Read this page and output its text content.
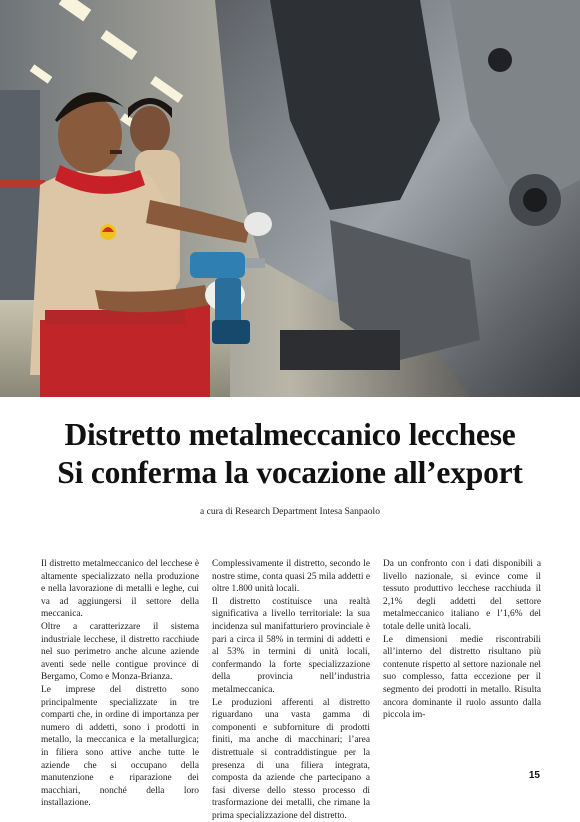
Distretto metalmeccanico lecchese
Si conferma la vocazione all’export
a cura di Research Department Intesa Sanpaolo

Il distretto metalmeccanico del lecchese è altamente specializzato nella produzione e nella lavorazione di metalli e leghe, cui va ad aggiungersi il settore della meccanica.

Oltre a caratterizzare il sistema industriale lecchese, il distretto racchiude nel suo perimetro anche alcune aziende aventi sede nelle contigue province di Bergamo, Como e Monza-Brianza.

Le imprese del distretto sono principalmente specializzate in tre comparti che, in ordine di importanza per numero di addetti, sono i prodotti in metallo, la meccanica e la metallurgica; in filiera sono attive anche tutte le aziende che si occupano della manutenzione e riparazione dei macchiari, nonché della loro installazione.

Complessivamente il distretto, secondo le nostre stime, conta quasi 25 mila addetti e oltre 1.800 unità locali.

Il distretto costituisce una realtà significativa a livello territoriale: la sua incidenza sul manifatturiero provinciale è pari a circa il 58% in termini di addetti e al 53% in termini di unità locali, confermando la forte specializzazione della provincia nell’industria metalmeccanica.

Le produzioni afferenti al distretto riguardano una vasta gamma di componenti e subforniture di prodotti finiti, ma anche di macchinari; l’area distrettuale si contraddistingue per la presenza di una filiera integrata, composta da aziende che partecipano a fasi diverse dello stesso processo di trasformazione dei metalli, che rimane la prima specializzazione del distretto.

Da un confronto con i dati disponibili a livello nazionale, si evince come il tessuto produttivo lecchese racchiuda il 2,1% degli addetti del settore metalmeccanico italiano e l’1,6% del totale delle unità locali.

Le dimensioni medie riscontrabili all’interno del distretto risultano più contenute rispetto al settore nazionale nel suo complesso, fatta eccezione per il segmento dei prodotti in metallo. Risulta ancora dominante il ruolo assunto dalla piccola im-

15
